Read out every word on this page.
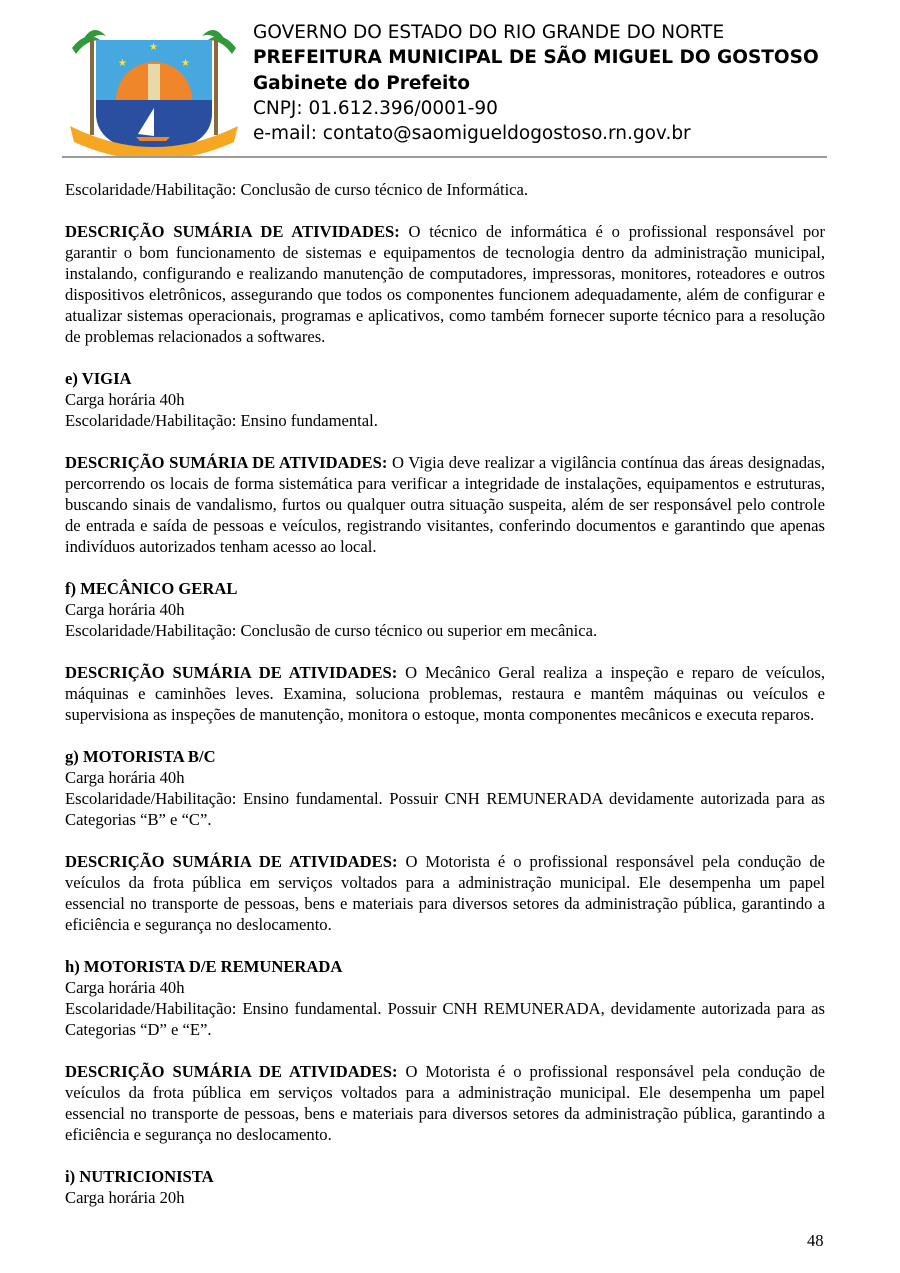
★
★
★
GOVERNO DO ESTADO DO RIO GRANDE DO NORTE
PREFEITURA MUNICIPAL DE SÃO MIGUEL DO GOSTOSO
Gabinete do Prefeito
CNPJ: 01.612.396/0001-90
e-mail: contato@saomigueldogostoso.rn.gov.br

Escolaridade/Habilitação: Conclusão de curso técnico de Informática.

DESCRIÇÃO SUMÁRIA DE ATIVIDADES: O técnico de informática é o profissional responsável por garantir o bom funcionamento de sistemas e equipamentos de tecnologia dentro da administração municipal, instalando, configurando e realizando manutenção de computadores, impressoras, monitores, roteadores e outros dispositivos eletrônicos, assegurando que todos os componentes funcionem adequadamente, além de configurar e atualizar sistemas operacionais, programas e aplicativos, como também fornecer suporte técnico para a resolução de problemas relacionados a softwares.

e) VIGIA
Carga horária 40h
Escolaridade/Habilitação: Ensino fundamental.

DESCRIÇÃO SUMÁRIA DE ATIVIDADES: O Vigia deve realizar a vigilância contínua das áreas designadas, percorrendo os locais de forma sistemática para verificar a integridade de instalações, equipamentos e estruturas, buscando sinais de vandalismo, furtos ou qualquer outra situação suspeita, além de ser responsável pelo controle de entrada e saída de pessoas e veículos, registrando visitantes, conferindo documentos e garantindo que apenas indivíduos autorizados tenham acesso ao local.

f) MECÂNICO GERAL
Carga horária 40h
Escolaridade/Habilitação: Conclusão de curso técnico ou superior em mecânica.

DESCRIÇÃO SUMÁRIA DE ATIVIDADES: O Mecânico Geral realiza a inspeção e reparo de veículos, máquinas e caminhões leves. Examina, soluciona problemas, restaura e mantêm máquinas ou veículos e supervisiona as inspeções de manutenção, monitora o estoque, monta componentes mecânicos e executa reparos.

g) MOTORISTA B/C
Carga horária 40h
Escolaridade/Habilitação: Ensino fundamental. Possuir CNH REMUNERADA devidamente autorizada para as Categorias “B” e “C”.

DESCRIÇÃO SUMÁRIA DE ATIVIDADES: O Motorista é o profissional responsável pela condução de veículos da frota pública em serviços voltados para a administração municipal. Ele desempenha um papel essencial no transporte de pessoas, bens e materiais para diversos setores da administração pública, garantindo a eficiência e segurança no deslocamento.

h) MOTORISTA D/E REMUNERADA
Carga horária 40h
Escolaridade/Habilitação: Ensino fundamental. Possuir CNH REMUNERADA, devidamente autorizada para as Categorias “D” e “E”.

DESCRIÇÃO SUMÁRIA DE ATIVIDADES: O Motorista é o profissional responsável pela condução de veículos da frota pública em serviços voltados para a administração municipal. Ele desempenha um papel essencial no transporte de pessoas, bens e materiais para diversos setores da administração pública, garantindo a eficiência e segurança no deslocamento.

i) NUTRICIONISTA
Carga horária 20h

48
